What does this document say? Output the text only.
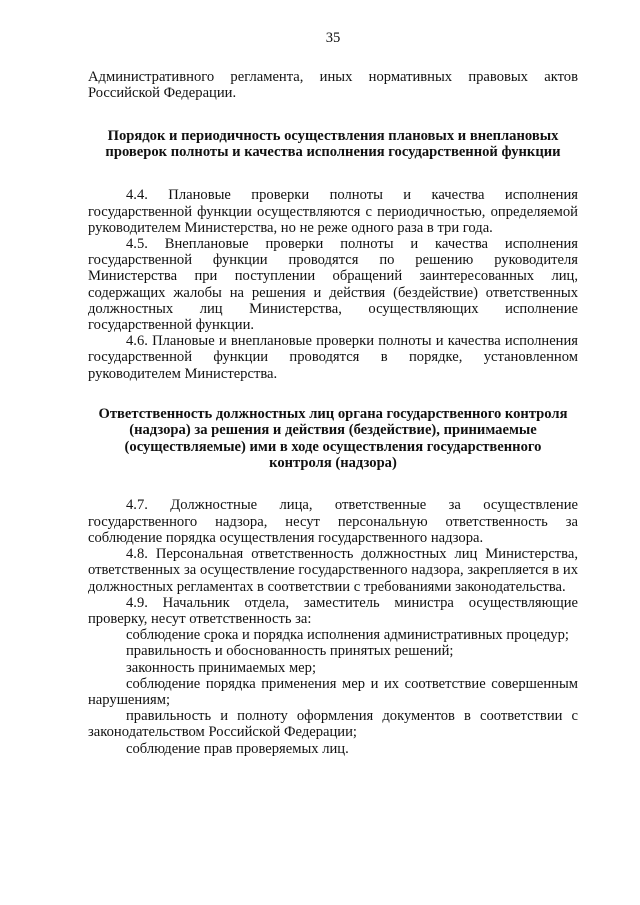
35

Административного регламента, иных нормативных правовых актов Российской Федерации.

Порядок и периодичность осуществления плановых и внеплановых проверок полноты и качества исполнения государственной функции

4.4. Плановые проверки полноты и качества исполнения государственной функции осуществляются с периодичностью, определяемой руководителем Министерства, но не реже одного раза в три года.

4.5. Внеплановые проверки полноты и качества исполнения государственной функции проводятся по решению руководителя Министерства при поступлении обращений заинтересованных лиц, содержащих жалобы на решения и действия (бездействие) ответственных должностных лиц Министерства, осуществляющих исполнение государственной функции.

4.6. Плановые и внеплановые проверки полноты и качества исполнения государственной функции проводятся в порядке, установленном руководителем Министерства.

Ответственность должностных лиц органа государственного контроля (надзора) за решения и действия (бездействие), принимаемые (осуществляемые) ими в ходе осуществления государственного контроля (надзора)

4.7. Должностные лица, ответственные за осуществление государственного надзора, несут персональную ответственность за соблюдение порядка осуществления государственного надзора.

4.8. Персональная ответственность должностных лиц Министерства, ответственных за осуществление государственного надзора, закрепляется в их должностных регламентах в соответствии с требованиями законодательства.

4.9. Начальник отдела, заместитель министра осуществляющие проверку, несут ответственность за:

соблюдение срока и порядка исполнения административных процедур;

правильность и обоснованность принятых решений;

законность принимаемых мер;

соблюдение порядка применения мер и их соответствие совершенным нарушениям;

правильность и полноту оформления документов в соответствии с законодательством Российской Федерации;

соблюдение прав проверяемых лиц.
